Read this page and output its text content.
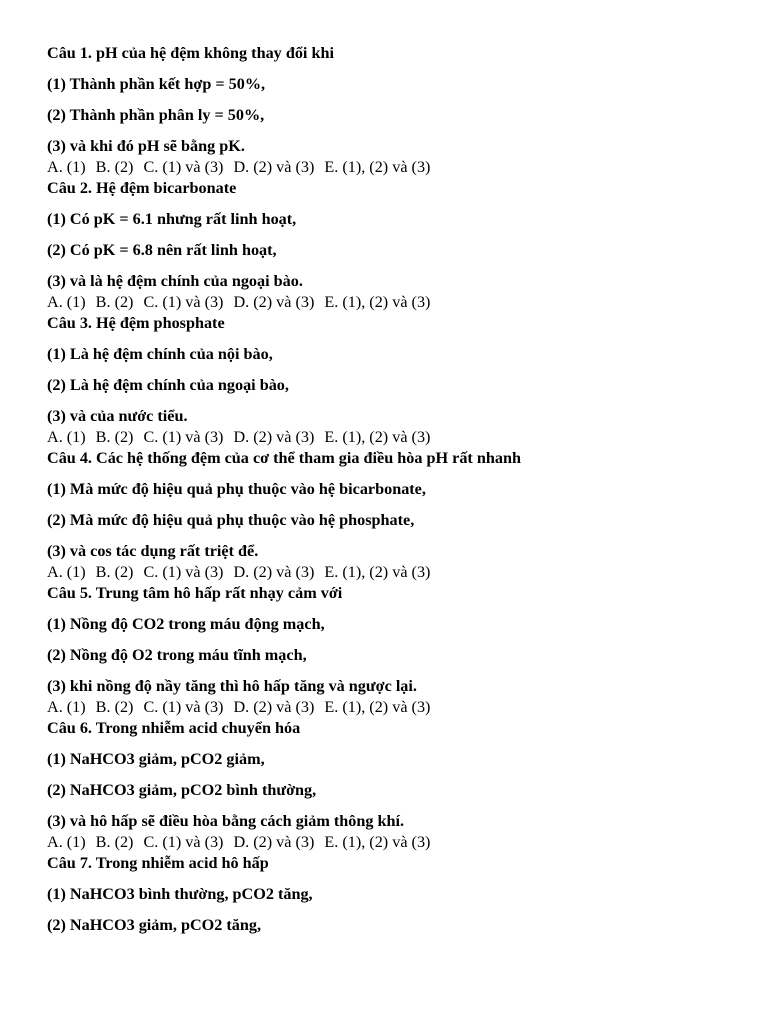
Câu 1. pH của hệ đệm không thay đổi khi
(1) Thành phần kết hợp = 50%,
(2) Thành phần phân ly = 50%,
(3) và khi đó pH sẽ bằng pK.
A. (1) B. (2) C. (1) và (3) D. (2) và (3) E. (1), (2) và (3)
Câu 2. Hệ đệm bicarbonate
(1) Có pK = 6.1 nhưng rất linh hoạt,
(2) Có pK = 6.8 nên rất linh hoạt,
(3) và là hệ đệm chính của ngoại bào.
A. (1) B. (2) C. (1) và (3) D. (2) và (3) E. (1), (2) và (3)
Câu 3. Hệ đệm phosphate
(1) Là hệ đệm chính của nội bào,
(2) Là hệ đệm chính của ngoại bào,
(3) và của nước tiểu.
A. (1) B. (2) C. (1) và (3) D. (2) và (3) E. (1), (2) và (3)
Câu 4. Các hệ thống đệm của cơ thể tham gia điều hòa pH rất nhanh
(1) Mà mức độ hiệu quả phụ thuộc vào hệ bicarbonate,
(2) Mà mức độ hiệu quả phụ thuộc vào hệ phosphate,
(3) và cos tác dụng rất triệt để.
A. (1) B. (2) C. (1) và (3) D. (2) và (3) E. (1), (2) và (3)
Câu 5. Trung tâm hô hấp rất nhạy cảm với
(1) Nồng độ CO2 trong máu động mạch,
(2) Nồng độ O2 trong máu tĩnh mạch,
(3) khi nồng độ nầy tăng thì hô hấp tăng và ngược lại.
A. (1) B. (2) C. (1) và (3) D. (2) và (3) E. (1), (2) và (3)
Câu 6. Trong nhiễm acid chuyển hóa
(1) NaHCO3 giảm, pCO2 giảm,
(2) NaHCO3 giảm, pCO2 bình thường,
(3) và hô hấp sẽ điều hòa bằng cách giảm thông khí.
A. (1) B. (2) C. (1) và (3) D. (2) và (3) E. (1), (2) và (3)
Câu 7. Trong nhiễm acid hô hấp
(1) NaHCO3 bình thường, pCO2 tăng,
(2) NaHCO3 giảm, pCO2 tăng,
